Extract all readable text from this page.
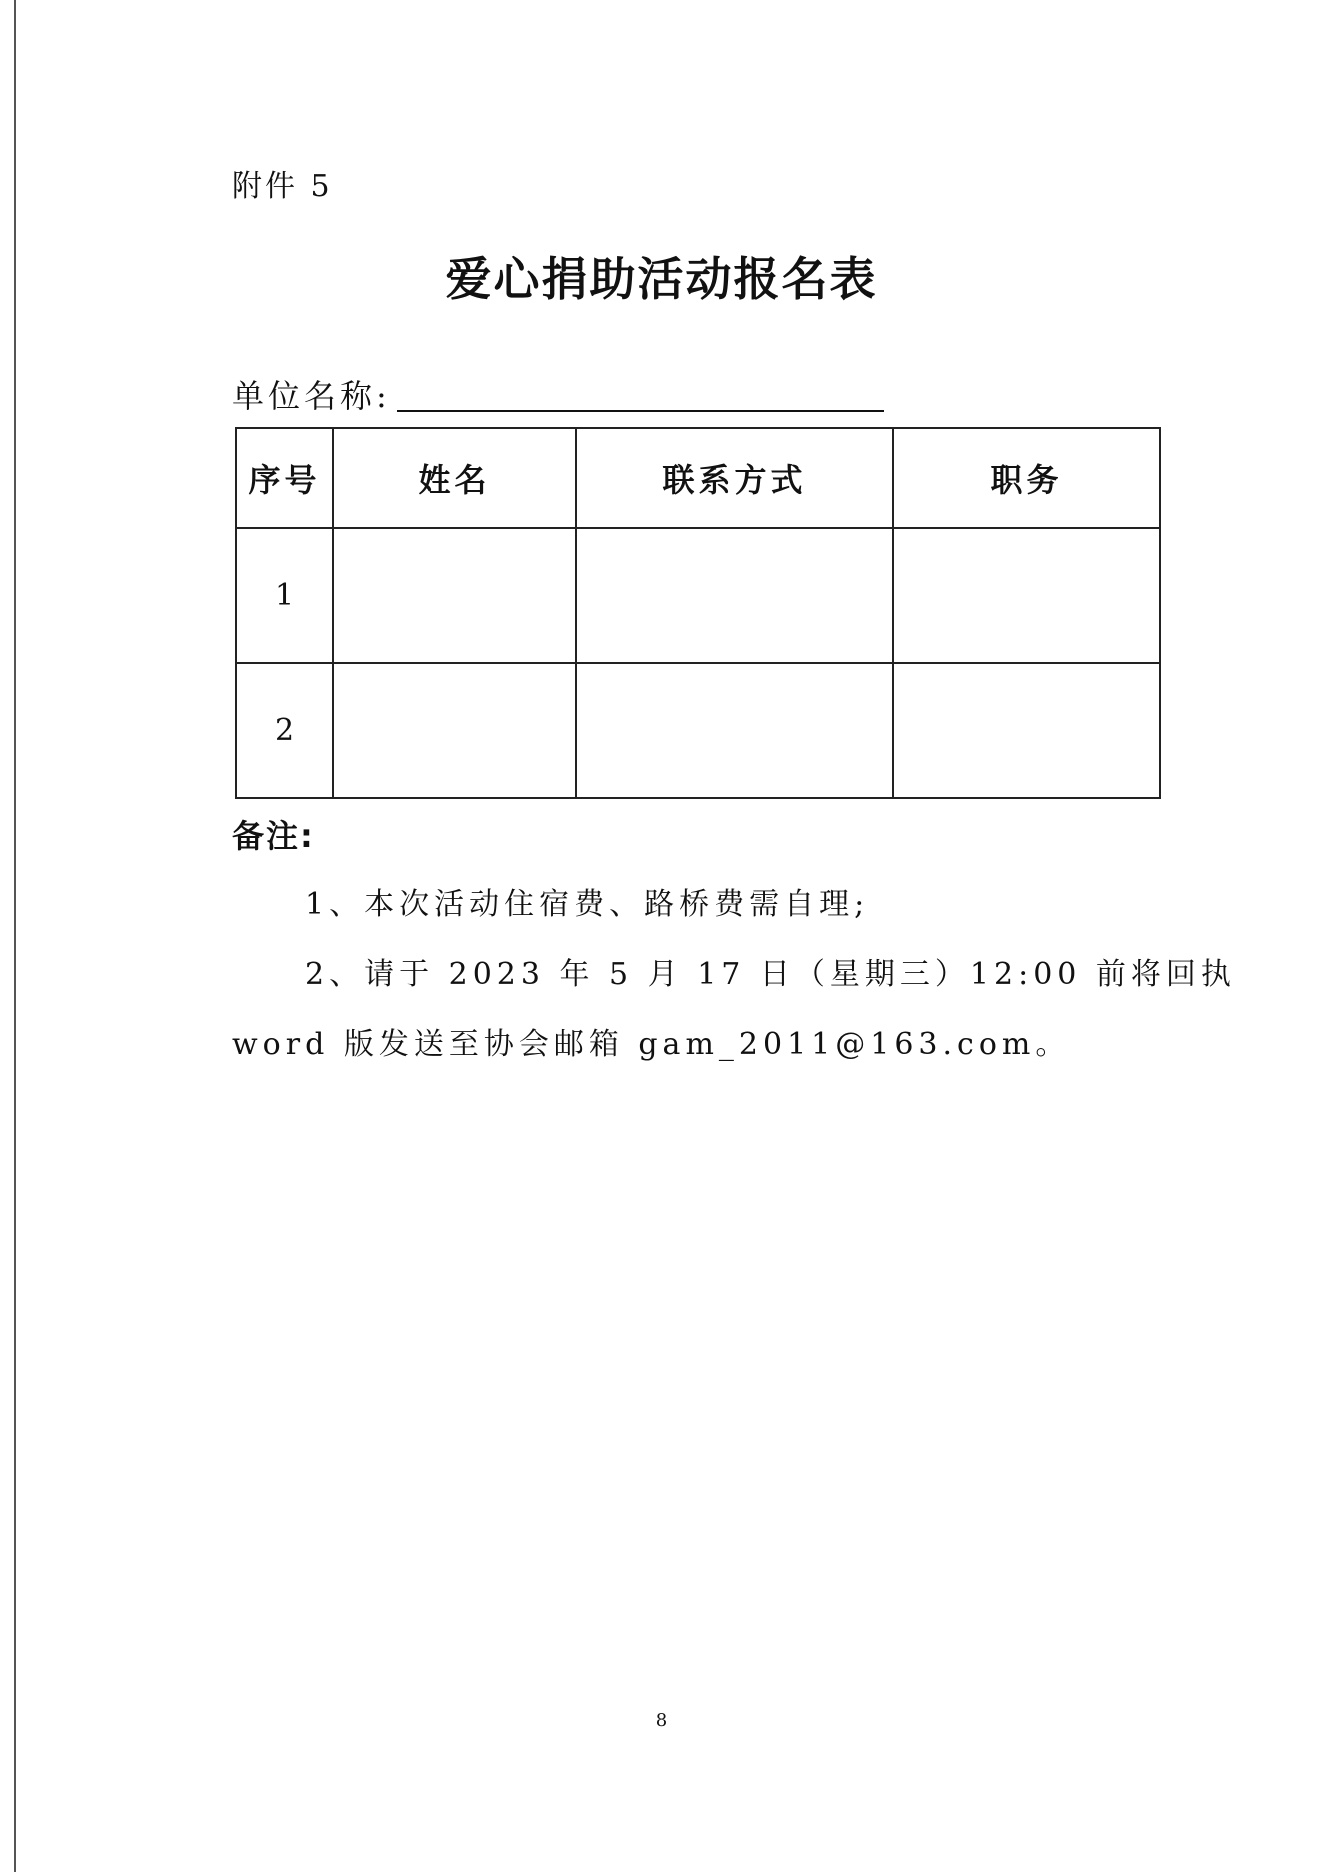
附件 5
爱心捐助活动报名表
单位名称:
序号	姓名	联系方式	职务
1			
2			
备注:
1、本次活动住宿费、路桥费需自理;
2、请于 2023 年 5 月 17 日（星期三）12:00 前将回执
word 版发送至协会邮箱 gam_2011@163.com。
8
